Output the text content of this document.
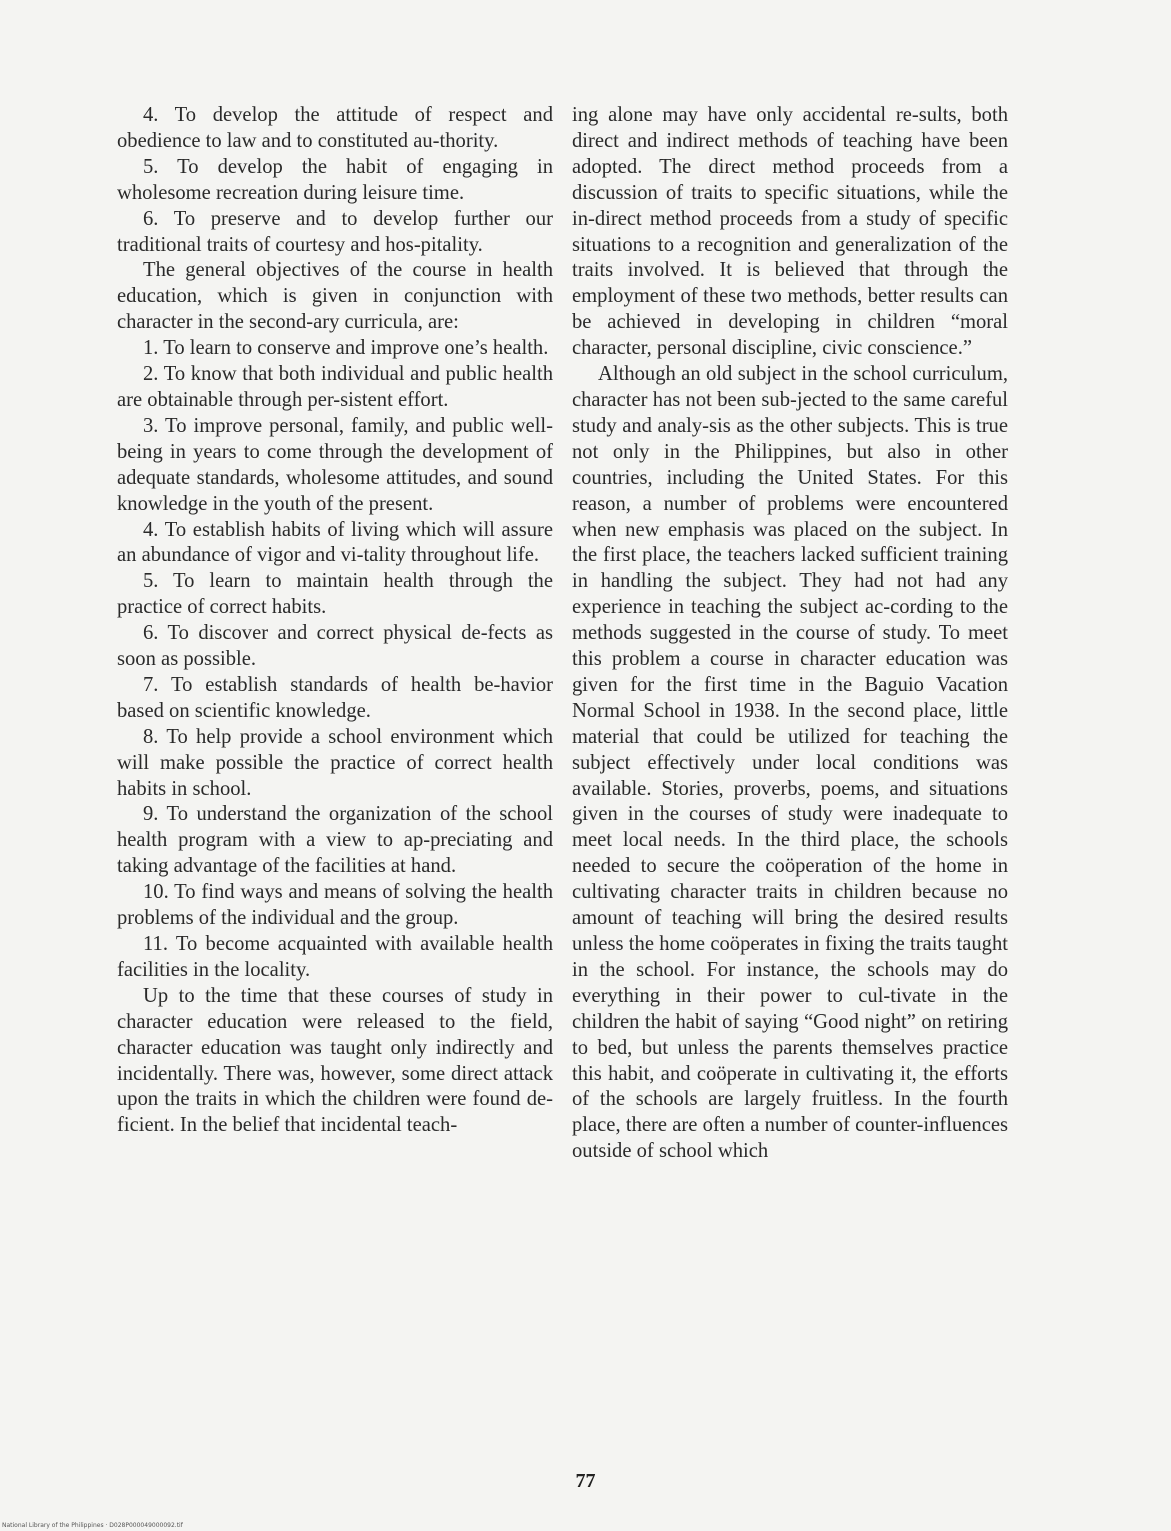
4. To develop the attitude of respect and obedience to law and to constituted au-thority.

5. To develop the habit of engaging in wholesome recreation during leisure time.

6. To preserve and to develop further our traditional traits of courtesy and hos-pitality.

The general objectives of the course in health education, which is given in conjunction with character in the second-ary curricula, are:

1. To learn to conserve and improve one’s health.

2. To know that both individual and public health are obtainable through per-sistent effort.

3. To improve personal, family, and public well-being in years to come through the development of adequate standards, wholesome attitudes, and sound knowledge in the youth of the present.

4. To establish habits of living which will assure an abundance of vigor and vi-tality throughout life.

5. To learn to maintain health through the practice of correct habits.

6. To discover and correct physical de-fects as soon as possible.

7. To establish standards of health be-havior based on scientific knowledge.

8. To help provide a school environment which will make possible the practice of correct health habits in school.

9. To understand the organization of the school health program with a view to ap-preciating and taking advantage of the facilities at hand.

10. To find ways and means of solving the health problems of the individual and the group.

11. To become acquainted with available health facilities in the locality.

Up to the time that these courses of study in character education were released to the field, character education was taught only indirectly and incidentally. There was, however, some direct attack upon the traits in which the children were found de-ficient. In the belief that incidental teach-

ing alone may have only accidental re-sults, both direct and indirect methods of teaching have been adopted. The direct method proceeds from a discussion of traits to specific situations, while the in-direct method proceeds from a study of specific situations to a recognition and generalization of the traits involved. It is believed that through the employment of these two methods, better results can be achieved in developing in children “moral character, personal discipline, civic conscience.”

Although an old subject in the school curriculum, character has not been sub-jected to the same careful study and analy-sis as the other subjects. This is true not only in the Philippines, but also in other countries, including the United States. For this reason, a number of problems were encountered when new emphasis was placed on the subject. In the first place, the teachers lacked sufficient training in handling the subject. They had not had any experience in teaching the subject ac-cording to the methods suggested in the course of study. To meet this problem a course in character education was given for the first time in the Baguio Vacation Normal School in 1938. In the second place, little material that could be utilized for teaching the subject effectively under local conditions was available. Stories, proverbs, poems, and situations given in the courses of study were inadequate to meet local needs. In the third place, the schools needed to secure the coöperation of the home in cultivating character traits in children because no amount of teaching will bring the desired results unless the home coöperates in fixing the traits taught in the school. For instance, the schools may do everything in their power to cul-tivate in the children the habit of saying “Good night” on retiring to bed, but unless the parents themselves practice this habit, and coöperate in cultivating it, the efforts of the schools are largely fruitless. In the fourth place, there are often a number of counter-influences outside of school which

77
National Library of the Philippines · D028P000049000092.tif
